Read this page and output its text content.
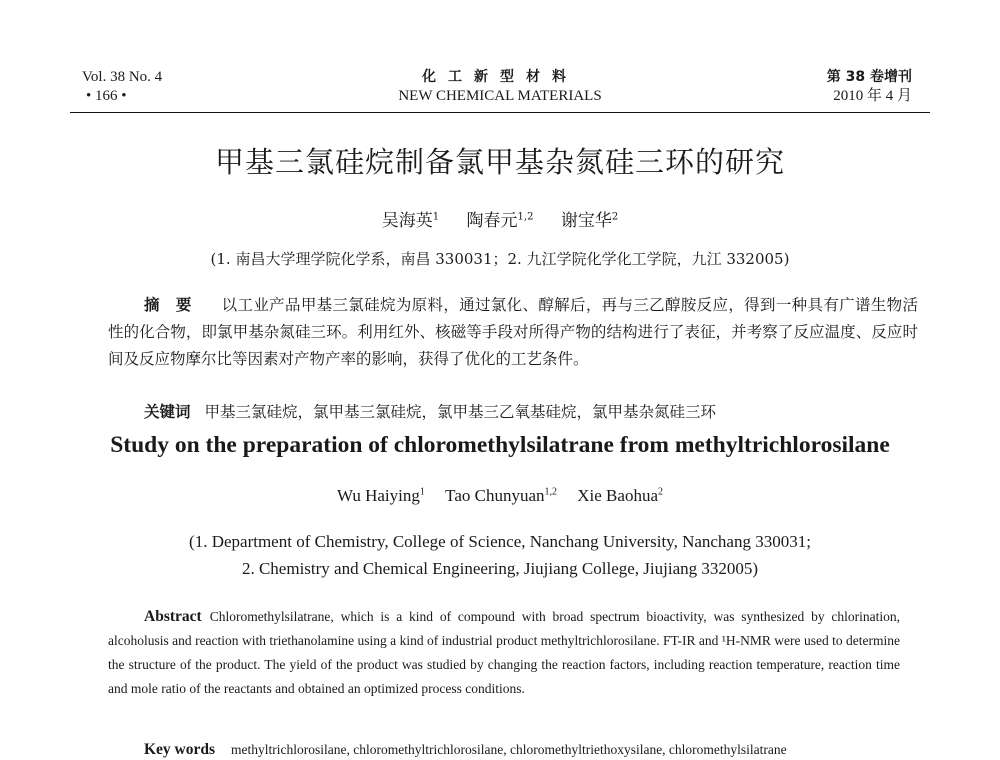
Vol. 38 No. 4
• 166 •
化工新型材料
NEW CHEMICAL MATERIALS
第 38 卷增刊
2010 年 4 月
甲基三氯硅烷制备氯甲基杂氮硅三环的研究
吴海英$^1$ 陶春元$^{1,2}$ 谢宝华$^2$
(1. 南昌大学理学院化学系，南昌 330031；2. 九江学院化学化工学院，九江 332005)
摘要 以工业产品甲基三氯硅烷为原料，通过氯化、醇解后，再与三乙醇胺反应，得到一种具有广谱生物活性的化合物，即氯甲基杂氮硅三环。利用红外、核磁等手段对所得产物的结构进行了表征，并考察了反应温度、反应时间及反应物摩尔比等因素对产物产率的影响，获得了优化的工艺条件。
关键词 甲基三氯硅烷，氯甲基三氯硅烷，氯甲基三乙氧基硅烷，氯甲基杂氮硅三环
Study on the preparation of chloromethylsilatrane from methyltrichlorosilane
Wu Haiying$^1$ Tao Chunyuan$^{1,2}$ Xie Baohua$^2$
(1. Department of Chemistry, College of Science, Nanchang University, Nanchang 330031;
2. Chemistry and Chemical Engineering, Jiujiang College, Jiujiang 332005)
Abstract Chloromethylsilatrane, which is a kind of compound with broad spectrum bioactivity, was synthesized by chlorination, alcoholusis and reaction with triethanolamine using a kind of industrial product methyltrichlorosilane. FT-IR and ¹H-NMR were used to determine the structure of the product. The yield of the product was studied by changing the reaction factors, including reaction temperature, reaction time and mole ratio of the reactants and obtained an optimized process conditions.
Key words methyltrichlorosilane, chloromethyltrichlorosilane, chloromethyltriethoxysilane, chloromethylsilatrane
